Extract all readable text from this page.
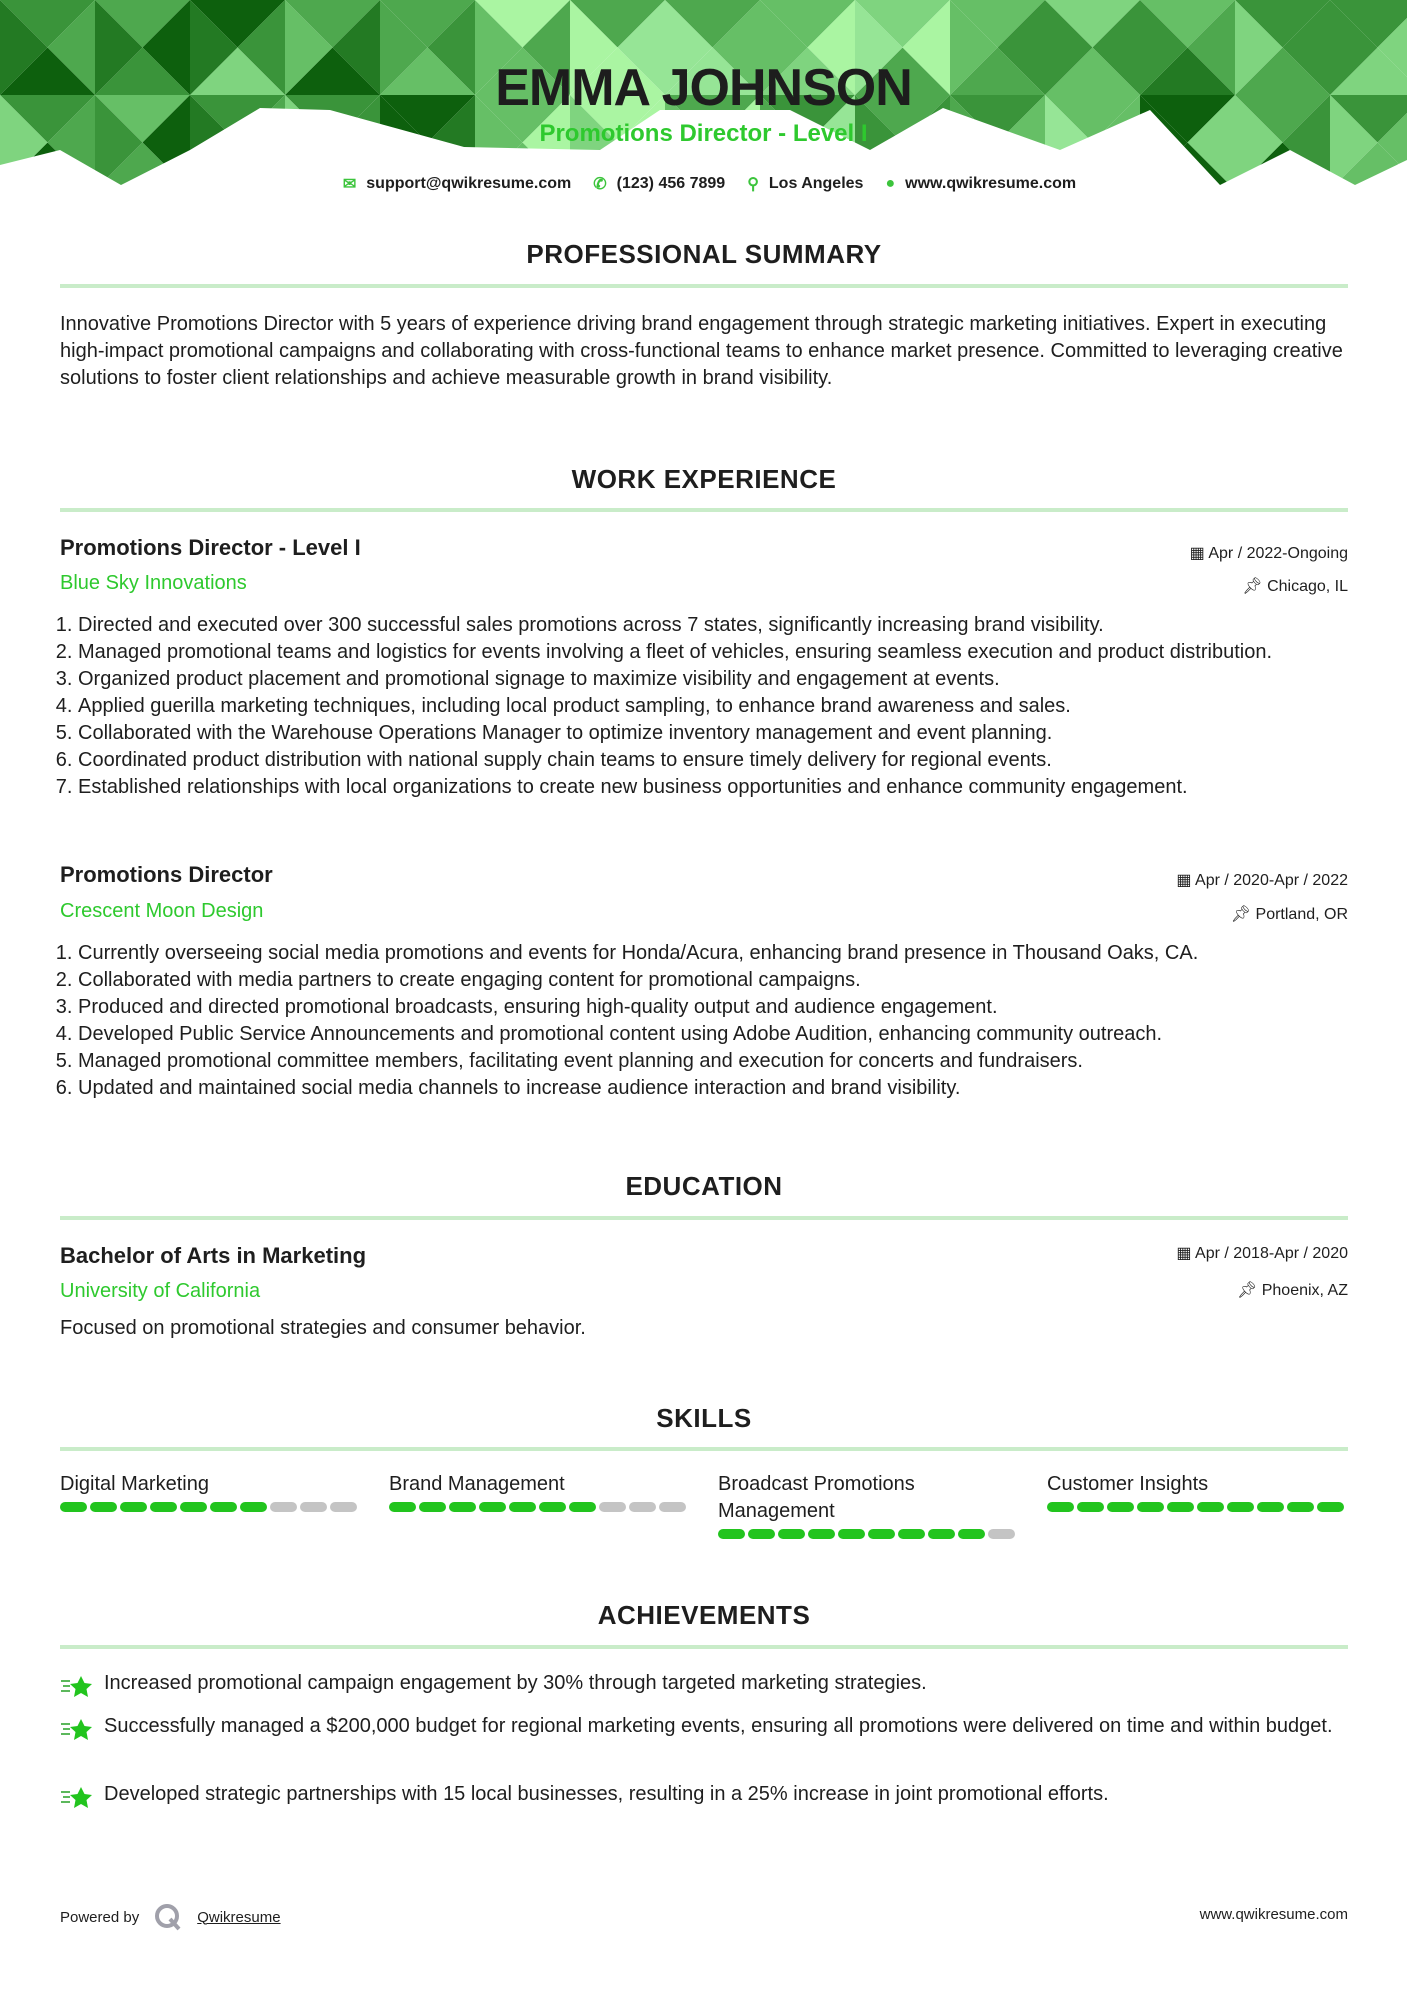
EMMA JOHNSON
Promotions Director - Level I
✉ support@qwikresume.com ✆ (123) 456 7899 ⚲ Los Angeles ● www.qwikresume.com
PROFESSIONAL SUMMARY
Innovative Promotions Director with 5 years of experience driving brand engagement through strategic marketing initiatives. Expert in executing high-impact promotional campaigns and collaborating with cross-functional teams to enhance market presence. Committed to leveraging creative solutions to foster client relationships and achieve measurable growth in brand visibility.
WORK EXPERIENCE
Promotions Director - Level I	▦ Apr / 2022-Ongoing
Blue Sky Innovations	📌︎ Chicago, IL
1. Directed and executed over 300 successful sales promotions across 7 states, significantly increasing brand visibility.
2. Managed promotional teams and logistics for events involving a fleet of vehicles, ensuring seamless execution and product distribution.
3. Organized product placement and promotional signage to maximize visibility and engagement at events.
4. Applied guerilla marketing techniques, including local product sampling, to enhance brand awareness and sales.
5. Collaborated with the Warehouse Operations Manager to optimize inventory management and event planning.
6. Coordinated product distribution with national supply chain teams to ensure timely delivery for regional events.
7. Established relationships with local organizations to create new business opportunities and enhance community engagement.
Promotions Director	▦ Apr / 2020-Apr / 2022
Crescent Moon Design	📌︎ Portland, OR
1. Currently overseeing social media promotions and events for Honda/Acura, enhancing brand presence in Thousand Oaks, CA.
2. Collaborated with media partners to create engaging content for promotional campaigns.
3. Produced and directed promotional broadcasts, ensuring high-quality output and audience engagement.
4. Developed Public Service Announcements and promotional content using Adobe Audition, enhancing community outreach.
5. Managed promotional committee members, facilitating event planning and execution for concerts and fundraisers.
6. Updated and maintained social media channels to increase audience interaction and brand visibility.
EDUCATION
Bachelor of Arts in Marketing	▦ Apr / 2018-Apr / 2020
University of California	📌︎ Phoenix, AZ
Focused on promotional strategies and consumer behavior.
SKILLS
Digital Marketing	Brand Management	Broadcast Promotions Management
Customer Insights
ACHIEVEMENTS
Increased promotional campaign engagement by 30% through targeted marketing strategies.
Successfully managed a $200,000 budget for regional marketing events, ensuring all promotions were delivered on time and within budget.
Developed strategic partnerships with 15 local businesses, resulting in a 25% increase in joint promotional efforts.
Powered by	Qwikresume	www.qwikresume.com
